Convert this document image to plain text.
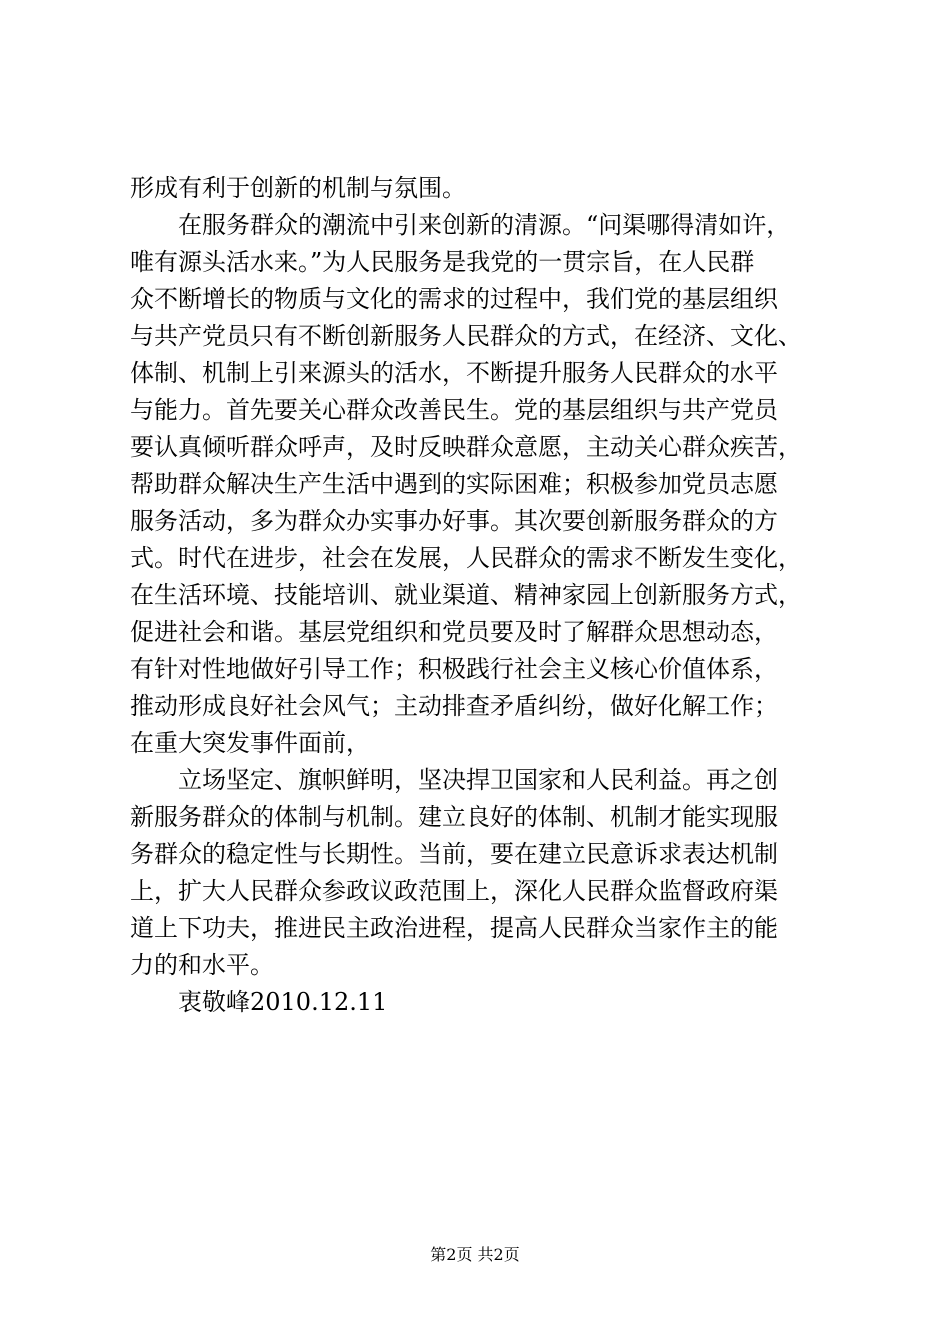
形成有利于创新的机制与氛围。
　　在服务群众的潮流中引来创新的清源。“问渠哪得清如许，
唯有源头活水来。”为人民服务是我党的一贯宗旨，在人民群
众不断增长的物质与文化的需求的过程中，我们党的基层组织
与共产党员只有不断创新服务人民群众的方式，在经济、文化、
体制、机制上引来源头的活水，不断提升服务人民群众的水平
与能力。首先要关心群众改善民生。党的基层组织与共产党员
要认真倾听群众呼声，及时反映群众意愿，主动关心群众疾苦，
帮助群众解决生产生活中遇到的实际困难；积极参加党员志愿
服务活动，多为群众办实事办好事。其次要创新服务群众的方
式。时代在进步，社会在发展，人民群众的需求不断发生变化，
在生活环境、技能培训、就业渠道、精神家园上创新服务方式，
促进社会和谐。基层党组织和党员要及时了解群众思想动态，
有针对性地做好引导工作；积极践行社会主义核心价值体系，
推动形成良好社会风气；主动排查矛盾纠纷，做好化解工作；
在重大突发事件面前，
　　立场坚定、旗帜鲜明，坚决捍卫国家和人民利益。再之创
新服务群众的体制与机制。建立良好的体制、机制才能实现服
务群众的稳定性与长期性。当前，要在建立民意诉求表达机制
上，扩大人民群众参政议政范围上，深化人民群众监督政府渠
道上下功夫，推进民主政治进程，提高人民群众当家作主的能
力的和水平。
　　衷敬峰2010.12.11
第2页 共2页
